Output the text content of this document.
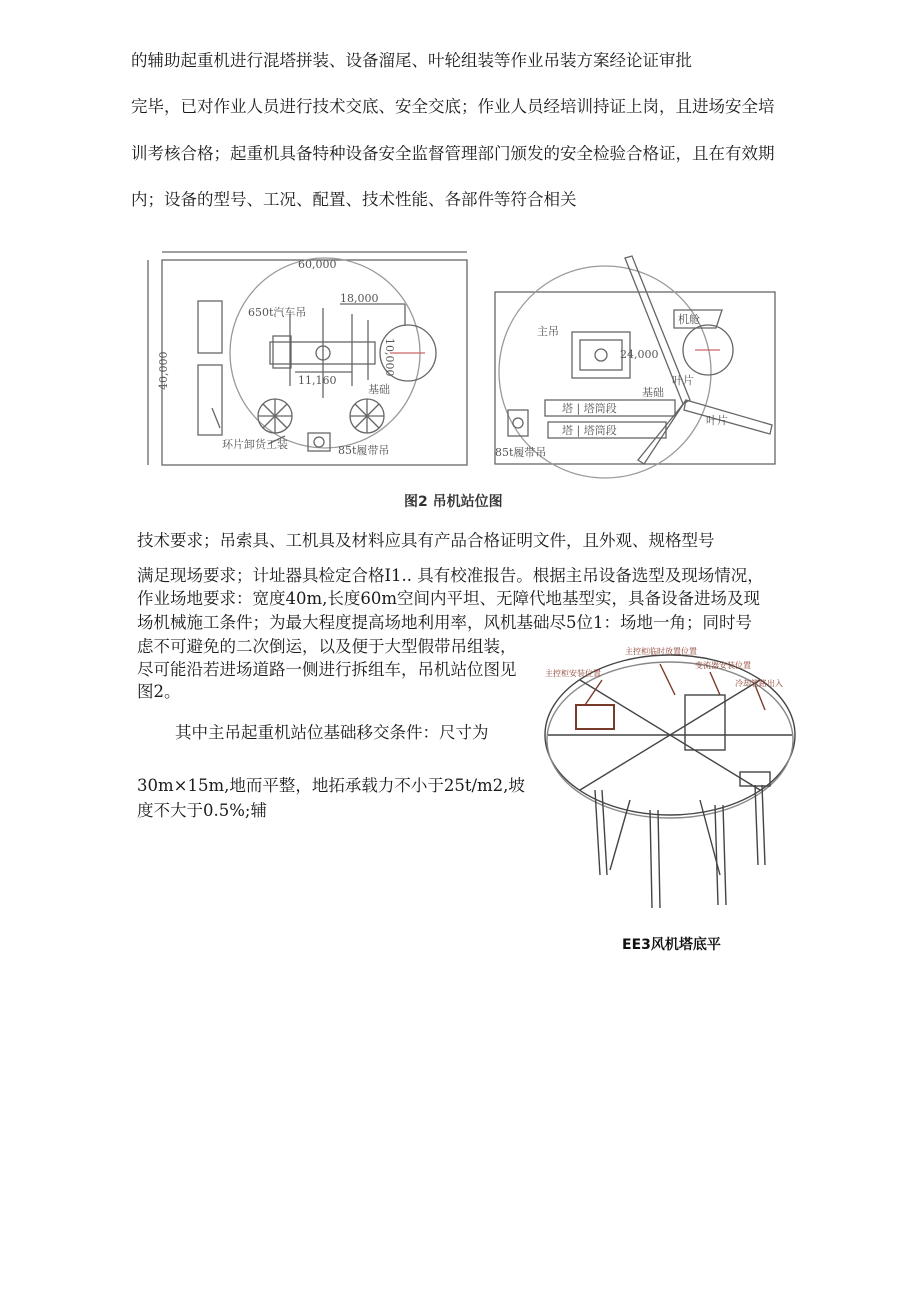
的辅助起重机进行混塔拼装、设备溜尾、叶轮组装等作业吊装方案经论证审批
完毕，已对作业人员进行技术交底、安全交底；作业人员经培训持证上岗，且进场安全培
训考核合格；起重机具备特种设备安全监督管理部门颁发的安全检验合格证，且在有效期
内；设备的型号、工况、配置、技术性能、各部件等符合相关
60,000
40,000
650t汽车吊
18,000
10,000
11,160
基础
环片卸货工装	85t履带吊
主吊
机舱
24,000
基础
叶片
叶片
塔 | 塔筒段
塔 | 塔筒段
85t履带吊
图2 吊机站位图
技术要求；吊索具、工机具及材料应具有产品合格证明文件，且外观、规格型号
满足现场要求；计址器具检定合格I1.. 具有校准报告。根据主吊设备选型及现场情况，
作业场地要求：宽度40m,长度60m空间内平坦、无障代地基型实，具备设备进场及现
场机械施工条件；为最大程度提高场地利用率，风机基础尽5位1：场地一角；同时号
虑不可避免的二次倒运，以及便于大型假带吊组装，
尽可能沿若进场道路一侧进行拆组车，吊机站位图见
图2。
其中主吊起重机站位基础移交条件：尺寸为
30m×15m,地而平整，地拓承载力不小于25t/m2,坡
度不大于0.5%;辅
主控柜临时放置位置
主控柜安装位置
变流器安装位置
冷却管路出入
EE3风机塔底平
